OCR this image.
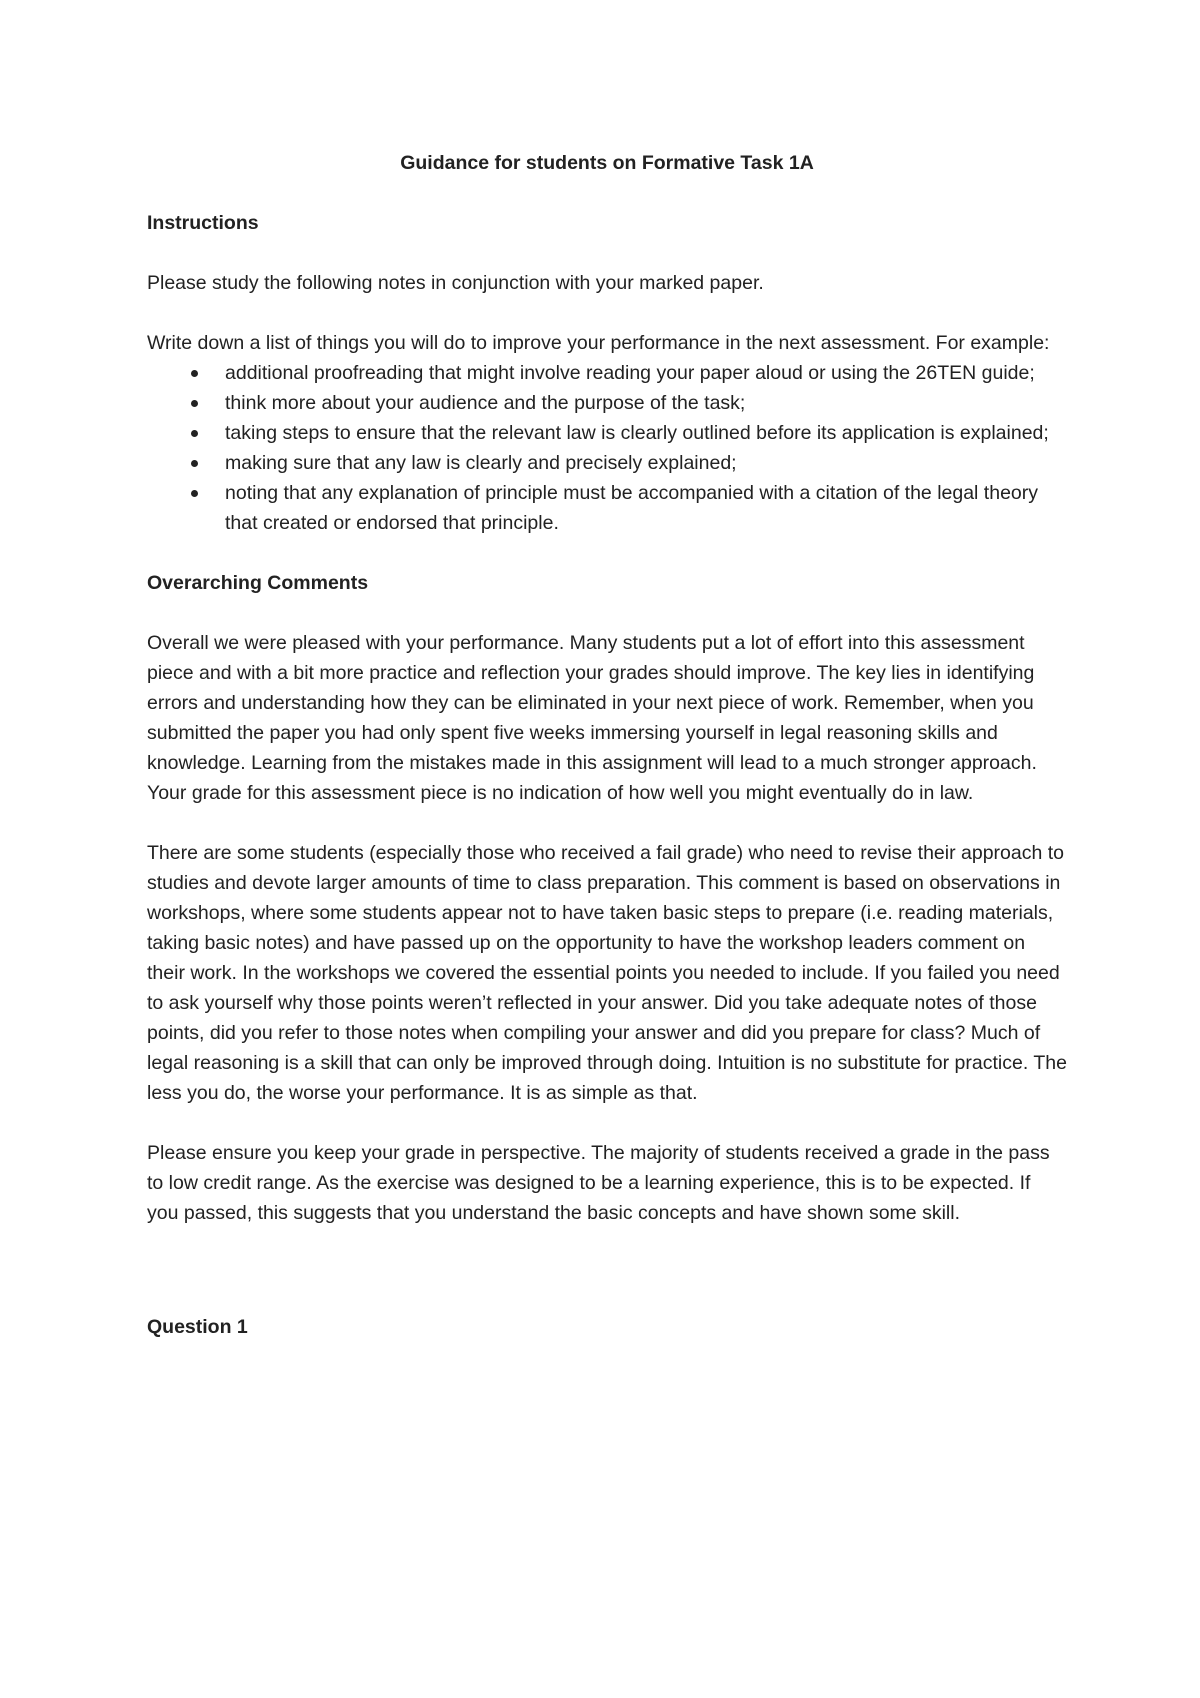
Guidance for students on Formative Task 1A
Instructions

Please study the following notes in conjunction with your marked paper.

Write down a list of things you will do to improve your performance in the next assessment. For example:

additional proofreading that might involve reading your paper aloud or using the 26TEN guide;
think more about your audience and the purpose of the task;
taking steps to ensure that the relevant law is clearly outlined before its application is explained;
making sure that any law is clearly and precisely explained;
noting that any explanation of principle must be accompanied with a citation of the legal theory that created or endorsed that principle.
Overarching Comments

Overall we were pleased with your performance. Many students put a lot of effort into this assessment piece and with a bit more practice and reflection your grades should improve. The key lies in identifying errors and understanding how they can be eliminated in your next piece of work. Remember, when you submitted the paper you had only spent five weeks immersing yourself in legal reasoning skills and knowledge. Learning from the mistakes made in this assignment will lead to a much stronger approach. Your grade for this assessment piece is no indication of how well you might eventually do in law.

There are some students (especially those who received a fail grade) who need to revise their approach to studies and devote larger amounts of time to class preparation. This comment is based on observations in workshops, where some students appear not to have taken basic steps to prepare (i.e. reading materials, taking basic notes) and have passed up on the opportunity to have the workshop leaders comment on their work. In the workshops we covered the essential points you needed to include. If you failed you need to ask yourself why those points weren’t reflected in your answer. Did you take adequate notes of those points, did you refer to those notes when compiling your answer and did you prepare for class? Much of legal reasoning is a skill that can only be improved through doing. Intuition is no substitute for practice. The less you do, the worse your performance. It is as simple as that.

Please ensure you keep your grade in perspective. The majority of students received a grade in the pass to low credit range. As the exercise was designed to be a learning experience, this is to be expected. If you passed, this suggests that you understand the basic concepts and have shown some skill.

Question 1
